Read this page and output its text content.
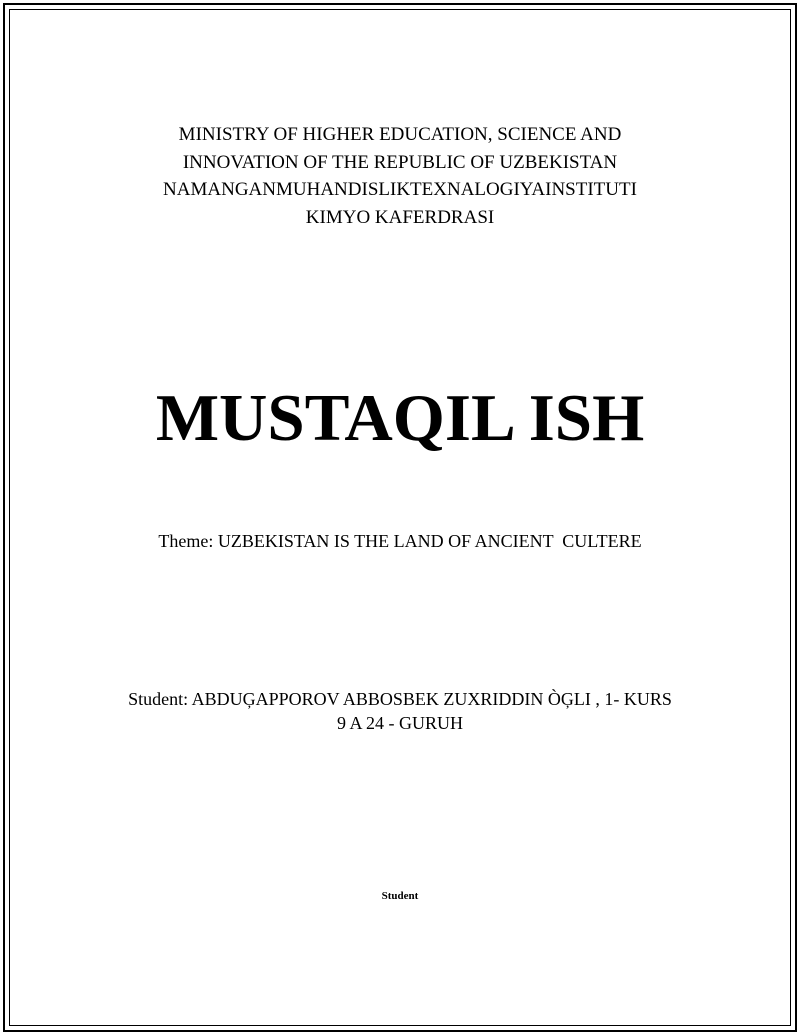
MINISTRY OF HIGHER EDUCATION, SCIENCE AND
INNOVATION OF THE REPUBLIC OF UZBEKISTAN
NAMANGANMUHANDISLIKTEXNALOGIYAINSTITUTI
KIMYO KAFERDRASI
MUSTAQIL ISH
Theme: UZBEKISTAN IS THE LAND OF ANCIENT  CULTERE
Student: ABDUĢAPPOROV ABBOSBEK ZUXRIDDIN ÒĢLI , 1- KURS
9 A 24 - GURUH
Student
